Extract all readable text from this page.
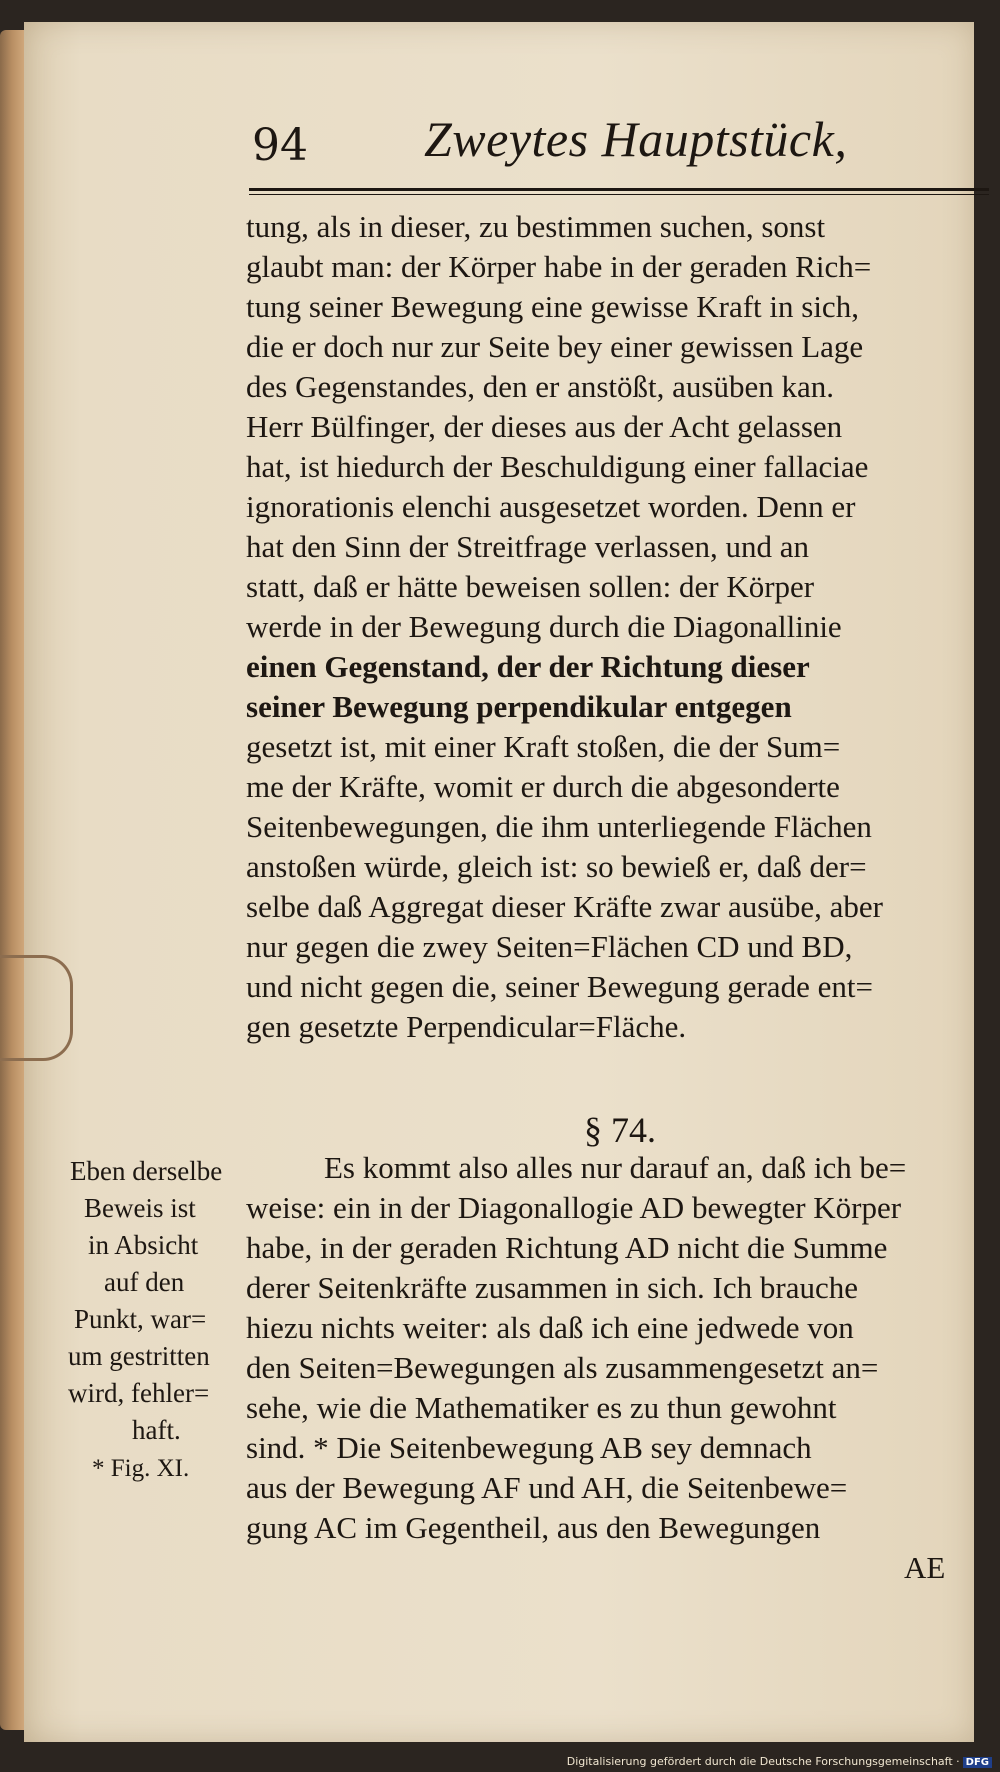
94 Zweytes Hauptstück,
tung, als in dieser, zu bestimmen suchen, sonst
glaubt man: der Körper habe in der geraden Rich=
tung seiner Bewegung eine gewisse Kraft in sich,
die er doch nur zur Seite bey einer gewissen Lage
des Gegenstandes, den er anstößt, ausüben kan.
Herr Bülfinger, der dieses aus der Acht gelassen
hat, ist hiedurch der Beschuldigung einer fallaciae
ignorationis elenchi ausgesetzet worden. Denn er
hat den Sinn der Streitfrage verlassen, und an
statt, daß er hätte beweisen sollen: der Körper
werde in der Bewegung durch die Diagonallinie
einen Gegenstand, der der Richtung dieser
seiner Bewegung perpendikular entgegen
gesetzt ist, mit einer Kraft stoßen, die der Sum=
me der Kräfte, womit er durch die abgesonderte
Seitenbewegungen, die ihm unterliegende Flächen
anstoßen würde, gleich ist: so bewieß er, daß der=
selbe daß Aggregat dieser Kräfte zwar ausübe, aber
nur gegen die zwey Seiten=Flächen CD und BD,
und nicht gegen die, seiner Bewegung gerade ent=
gen gesetzte Perpendicular=Fläche.
§ 74.
Es kommt also alles nur darauf an, daß ich be=
weise: ein in der Diagonallogie AD bewegter Körper
habe, in der geraden Richtung AD nicht die Summe
derer Seitenkräfte zusammen in sich. Ich brauche
hiezu nichts weiter: als daß ich eine jedwede von
den Seiten=Bewegungen als zusammengesetzt an=
sehe, wie die Mathematiker es zu thun gewohnt
sind. * Die Seitenbewegung AB sey demnach
aus der Bewegung AF und AH, die Seitenbewe=
gung AC im Gegentheil, aus den Bewegungen
AE
Eben derselbe
Beweis ist
in Absicht
auf den
Punkt, war=
um gestritten
wird, fehler=
haft.
* Fig. XI.
Digitalisierung gefördert durch die Deutsche Forschungsgemeinschaft · DFG
